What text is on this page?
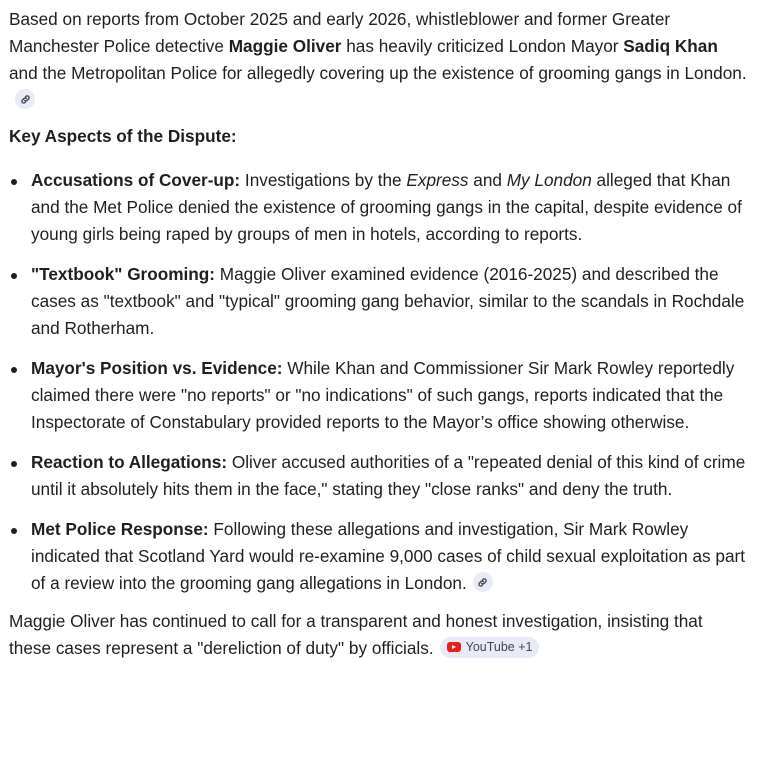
Based on reports from October 2025 and early 2026, whistleblower and former Greater Manchester Police detective Maggie Oliver has heavily criticized London Mayor Sadiq Khan and the Metropolitan Police for allegedly covering up the existence of grooming gangs in London.

Key Aspects of the Dispute:

Accusations of Cover-up: Investigations by the Express and My London alleged that Khan and the Met Police denied the existence of grooming gangs in the capital, despite evidence of young girls being raped by groups of men in hotels, according to reports.
"Textbook" Grooming: Maggie Oliver examined evidence (2016-2025) and described the cases as "textbook" and "typical" grooming gang behavior, similar to the scandals in Rochdale and Rotherham.
Mayor's Position vs. Evidence: While Khan and Commissioner Sir Mark Rowley reportedly claimed there were "no reports" or "no indications" of such gangs, reports indicated that the Inspectorate of Constabulary provided reports to the Mayor’s office showing otherwise.
Reaction to Allegations: Oliver accused authorities of a "repeated denial of this kind of crime until it absolutely hits them in the face," stating they "close ranks" and deny the truth.
Met Police Response: Following these allegations and investigation, Sir Mark Rowley indicated that Scotland Yard would re-examine 9,000 cases of child sexual exploitation as part of a review into the grooming gang allegations in London.

Maggie Oliver has continued to call for a transparent and honest investigation, insisting that these cases represent a "dereliction of duty" by officials.	YouTube +1
